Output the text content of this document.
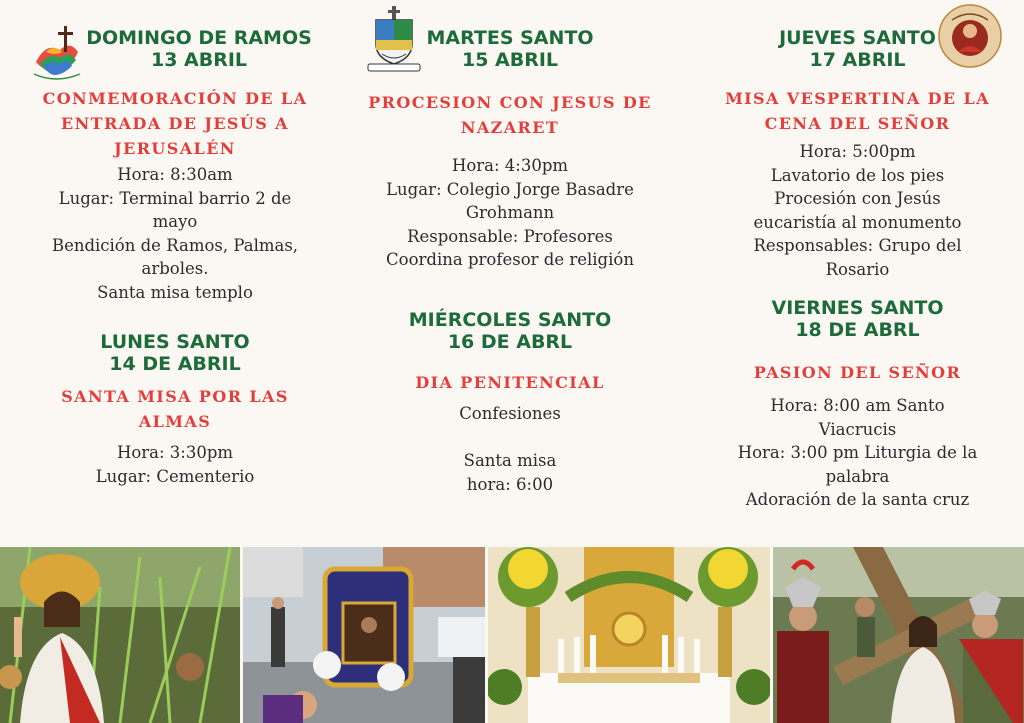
DOMINGO DE RAMOS
13 ABRIL
CONMEMORACIÓN DE LA
ENTRADA DE JESÚS A
JERUSALÉN
Hora: 8:30am
Lugar: Terminal barrio 2 de
mayo
Bendición de Ramos, Palmas,
arboles.
Santa misa templo
LUNES SANTO
14 DE ABRIL
SANTA MISA POR LAS
ALMAS
Hora: 3:30pm
Lugar: Cementerio
MARTES SANTO
15 ABRIL
PROCESION CON JESUS DE
NAZARET
Hora: 4:30pm
Lugar: Colegio Jorge Basadre
Grohmann
Responsable: Profesores
Coordina profesor de religión
MIÉRCOLES SANTO
16 DE ABRL
DIA PENITENCIAL
Confesiones
Santa misa
hora: 6:00
JUEVES SANTO
17 ABRIL
MISA VESPERTINA DE LA
CENA DEL SEÑOR
Hora: 5:00pm
Lavatorio de los pies
Procesión con Jesús
eucaristía al monumento
Responsables: Grupo del
Rosario
VIERNES SANTO
18 DE ABRL
PASION DEL SEÑOR
Hora: 8:00 am Santo
Viacrucis
Hora: 3:00 pm Liturgia de la
palabra
Adoración de la santa cruz
